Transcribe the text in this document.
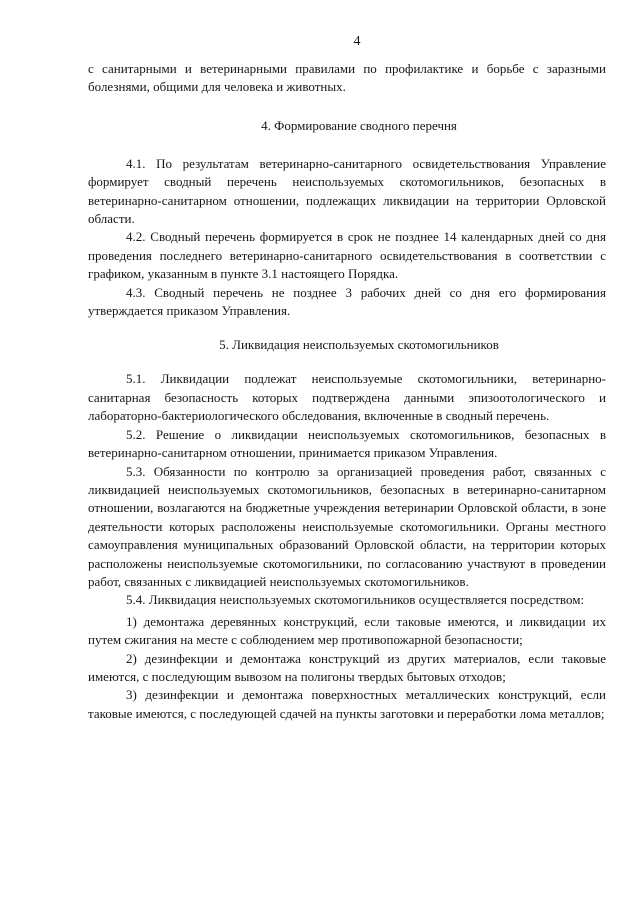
4

с санитарными и ветеринарными правилами по профилактике и борьбе с заразными болезнями, общими для человека и животных.

4. Формирование сводного перечня

4.1. По результатам ветеринарно-санитарного освидетельствования Управление формирует сводный перечень неиспользуемых скотомогильников, безопасных в ветеринарно-санитарном отношении, подлежащих ликвидации на территории Орловской области.

4.2. Сводный перечень формируется в срок не позднее 14 календарных дней со дня проведения последнего ветеринарно-санитарного освидетельствования в соответствии с графиком, указанным в пункте 3.1 настоящего Порядка.

4.3. Сводный перечень не позднее 3 рабочих дней со дня его формирования утверждается приказом Управления.

5. Ликвидация неиспользуемых скотомогильников

5.1. Ликвидации подлежат неиспользуемые скотомогильники, ветеринарно-санитарная безопасность которых подтверждена данными эпизоотологического и лабораторно-бактериологического обследования, включенные в сводный перечень.

5.2. Решение о ликвидации неиспользуемых скотомогильников, безопасных в ветеринарно-санитарном отношении, принимается приказом Управления.

5.3. Обязанности по контролю за организацией проведения работ, связанных с ликвидацией неиспользуемых скотомогильников, безопасных в ветеринарно-санитарном отношении, возлагаются на бюджетные учреждения ветеринарии Орловской области, в зоне деятельности которых расположены неиспользуемые скотомогильники. Органы местного самоуправления муниципальных образований Орловской области, на территории которых расположены неиспользуемые скотомогильники, по согласованию участвуют в проведении работ, связанных с ликвидацией неиспользуемых скотомогильников.

5.4. Ликвидация неиспользуемых скотомогильников осуществляется посредством:

1) демонтажа деревянных конструкций, если таковые имеются, и ликвидации их путем сжигания на месте с соблюдением мер противопожарной безопасности;

2) дезинфекции и демонтажа конструкций из других материалов, если таковые имеются, с последующим вывозом на полигоны твердых бытовых отходов;

3) дезинфекции и демонтажа поверхностных металлических конструкций, если таковые имеются, с последующей сдачей на пункты заготовки и переработки лома металлов;
